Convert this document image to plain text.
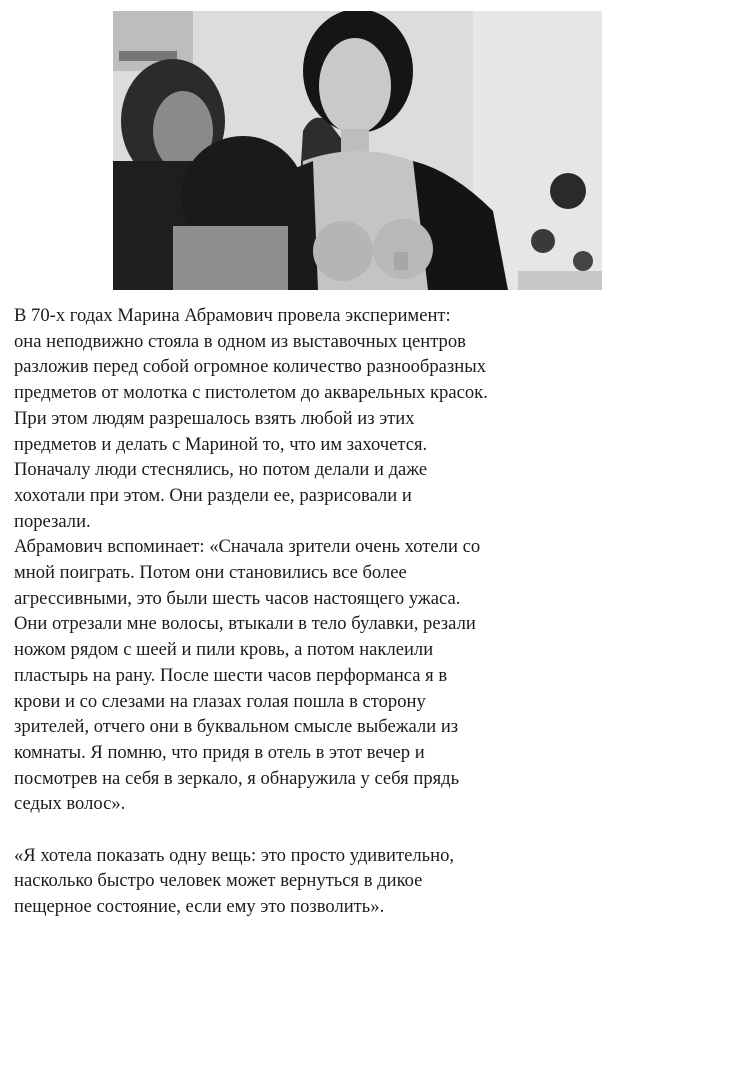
В 70-х годах Марина Абрамович провела эксперимент:
она неподвижно стояла в одном из выставочных центров
разложив перед собой огромное количество разнообразных
предметов от молотка с пистолетом до акварельных красок.
При этом людям разрешалось взять любой из этих
предметов и делать с Мариной то, что им захочется.
Поначалу люди стеснялись, но потом делали и даже
хохотали при этом. Они раздели ее, разрисовали и
порезали.
Абрамович вспоминает: «Сначала зрители очень хотели со
мной поиграть. Потом они становились все более
агрессивными, это были шесть часов настоящего ужаса.
Они отрезали мне волосы, втыкали в тело булавки, резали
ножом рядом с шеей и пили кровь, а потом наклеили
пластырь на рану. После шести часов перформанса я в
крови и со слезами на глазах голая пошла в сторону
зрителей, отчего они в буквальном смысле выбежали из
комнаты. Я помню, что придя в отель в этот вечер и
посмотрев на себя в зеркало, я обнаружила у себя прядь
седых волос».
«Я хотела показать одну вещь: это просто удивительно,
насколько быстро человек может вернуться в дикое
пещерное состояние, если ему это позволить».
